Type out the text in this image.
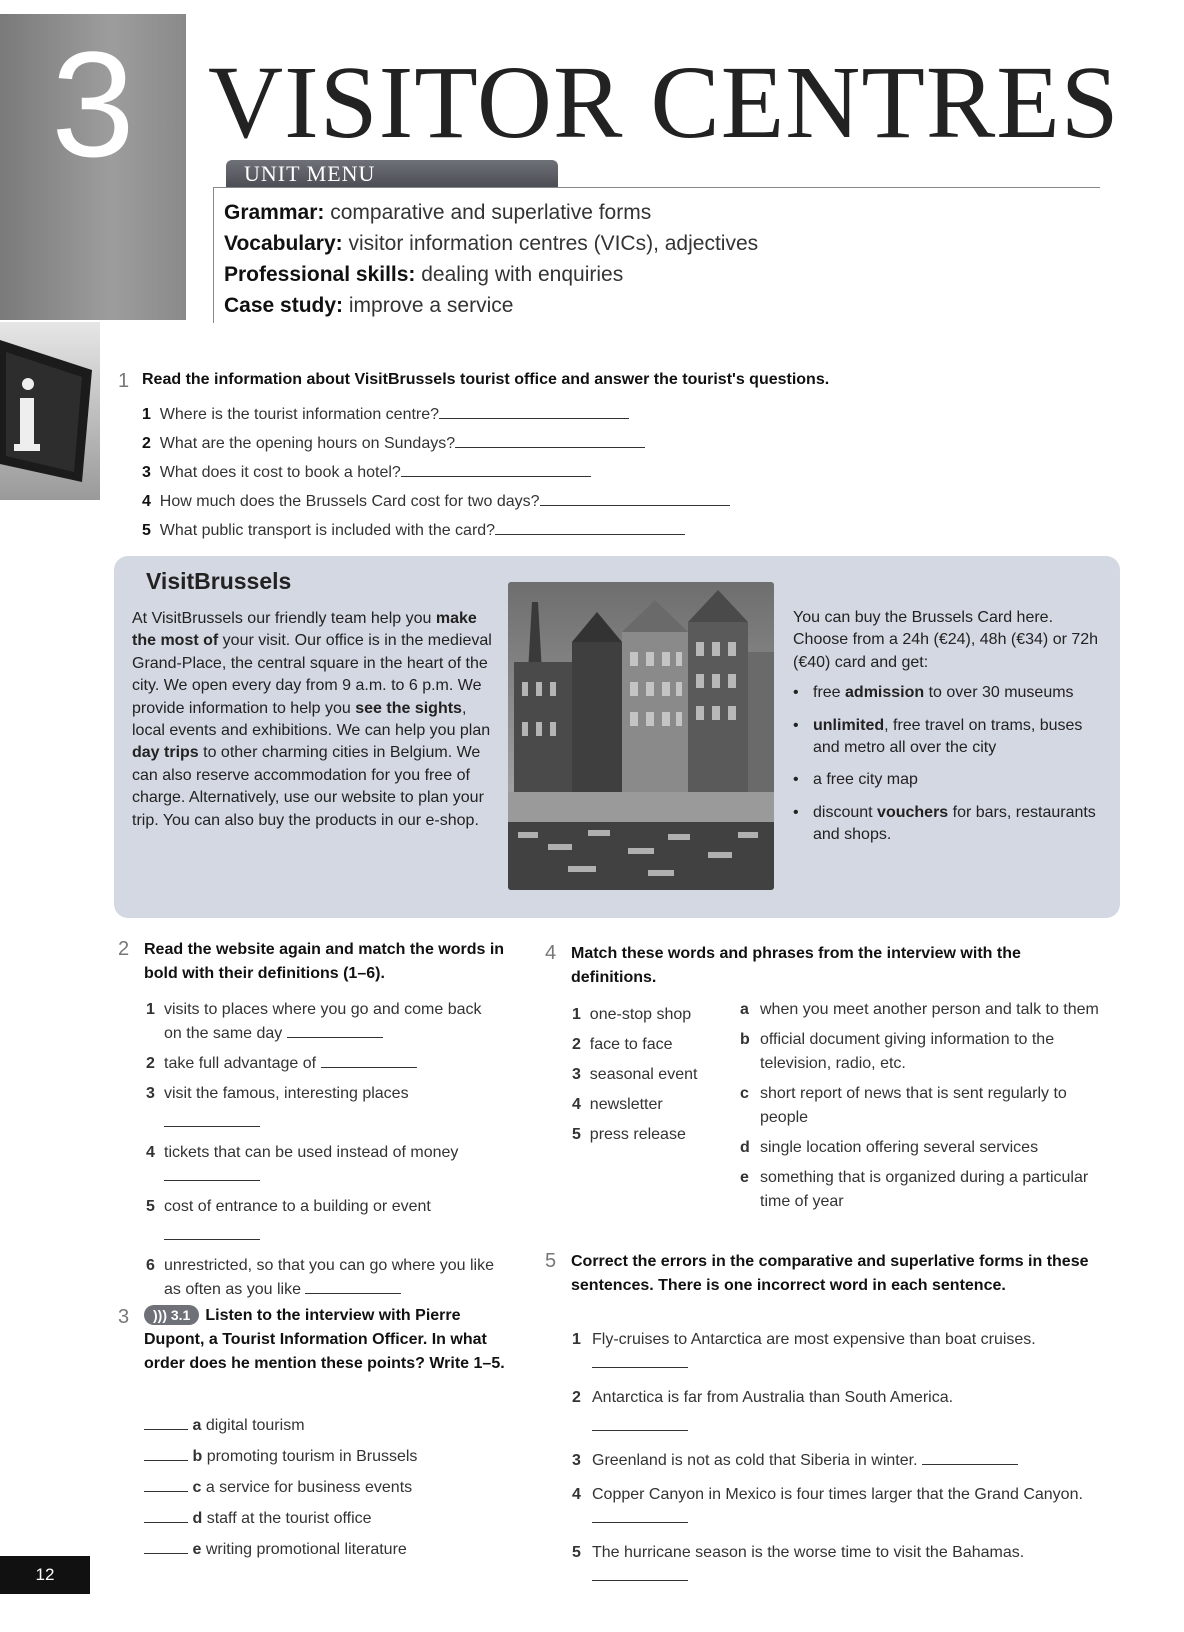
3 VISITOR CENTRES
UNIT MENU
Grammar: comparative and superlative forms
Vocabulary: visitor information centres (VICs), adjectives
Professional skills: dealing with enquiries
Case study: improve a service
1 Read the information about VisitBrussels tourist office and answer the tourist's questions.
1 Where is the tourist information centre?
2 What are the opening hours on Sundays?
3 What does it cost to book a hotel?
4 How much does the Brussels Card cost for two days?
5 What public transport is included with the card?
VisitBrussels
At VisitBrussels our friendly team help you make the most of your visit. Our office is in the medieval Grand-Place, the central square in the heart of the city. We open every day from 9 a.m. to 6 p.m. We provide information to help you see the sights, local events and exhibitions. We can help you plan day trips to other charming cities in Belgium. We can also reserve accommodation for you free of charge. Alternatively, use our website to plan your trip. You can also buy the products in our e-shop.
You can buy the Brussels Card here. Choose from a 24h (€24), 48h (€34) or 72h (€40) card and get:
• free admission to over 30 museums
• unlimited, free travel on trams, buses and metro all over the city
• a free city map
• discount vouchers for bars, restaurants and shops.
2 Read the website again and match the words in bold with their definitions (1–6).
1 visits to places where you go and come back on the same day
2 take full advantage of
3 visit the famous, interesting places

4 tickets that can be used instead of money
5 cost of entrance to a building or event

6 unrestricted, so that you can go where you like as often as you like
3	))) 3.1 Listen to the interview with Pierre Dupont, a Tourist Information Officer. In what order does he mention these points? Write 1–5.
a digital tourism
b promoting tourism in Brussels
c a service for business events
d staff at the tourist office
e writing promotional literature
4 Match these words and phrases from the interview with the definitions.
1 one-stop shop
2 face to face
3 seasonal event
4 newsletter
5 press release
a when you meet another person and talk to them
b official document giving information to the television, radio, etc.
c short report of news that is sent regularly to people
d single location offering several services
e something that is organized during a particular time of year
5 Correct the errors in the comparative and superlative forms in these sentences. There is one incorrect word in each sentence.
1 Fly-cruises to Antarctica are most expensive than boat cruises.
2 Antarctica is far from Australia than South America.

3 Greenland is not as cold that Siberia in winter.
4 Copper Canyon in Mexico is four times larger that the Grand Canyon.
5 The hurricane season is the worse time to visit the Bahamas.
12
